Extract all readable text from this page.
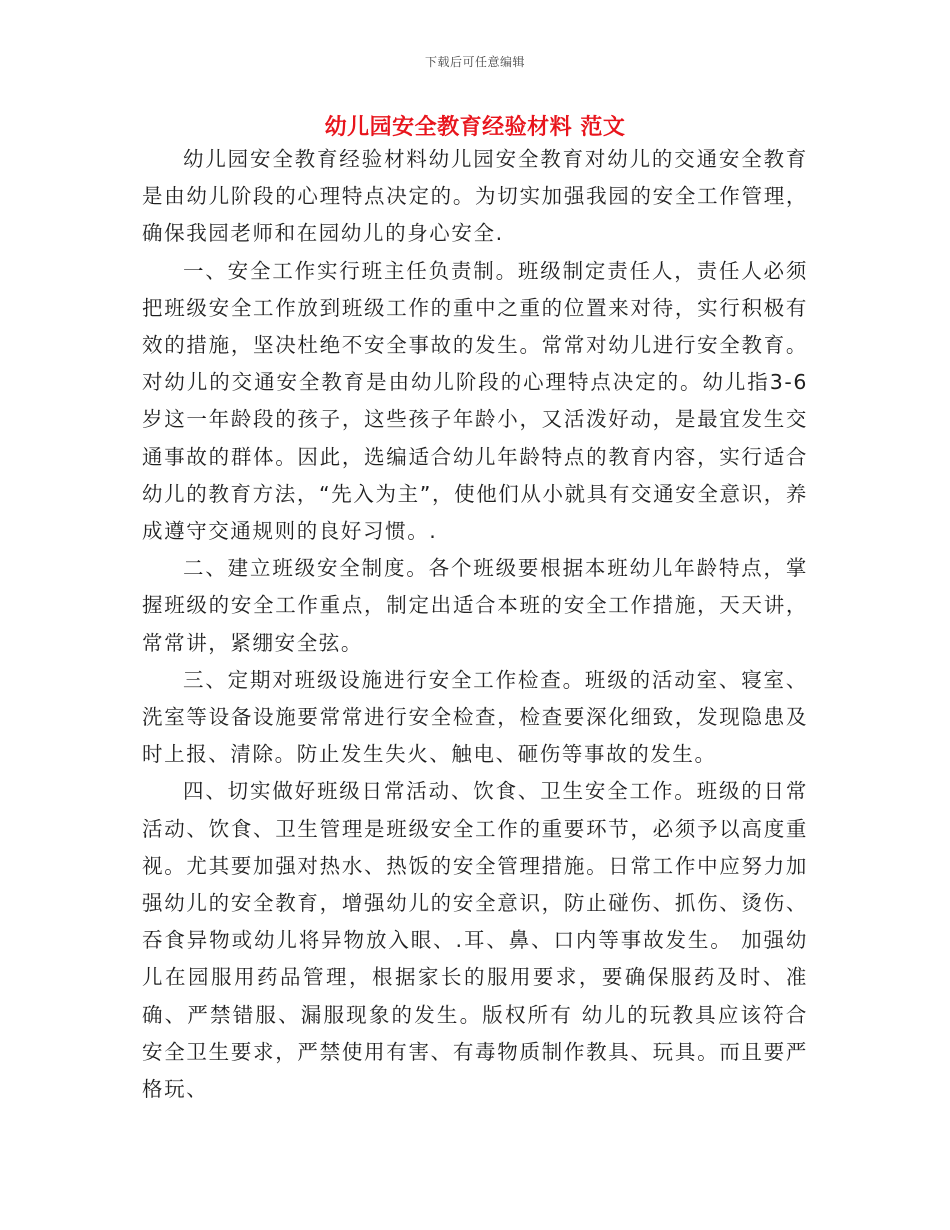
下载后可任意编辑
幼儿园安全教育经验材料 范文

幼儿园安全教育经验材料幼儿园安全教育对幼儿的交通安全教育是由幼儿阶段的心理特点决定的。为切实加强我园的安全工作管理，确保我园老师和在园幼儿的身心安全.

一、安全工作实行班主任负责制。班级制定责任人，责任人必须把班级安全工作放到班级工作的重中之重的位置来对待，实行积极有效的措施，坚决杜绝不安全事故的发生。常常对幼儿进行安全教育。对幼儿的交通安全教育是由幼儿阶段的心理特点决定的。幼儿指3-6岁这一年龄段的孩子，这些孩子年龄小，又活泼好动，是最宜发生交通事故的群体。因此，选编适合幼儿年龄特点的教育内容，实行适合幼儿的教育方法，“先入为主”，使他们从小就具有交通安全意识，养成遵守交通规则的良好习惯。.

二、建立班级安全制度。各个班级要根据本班幼儿年龄特点，掌握班级的安全工作重点，制定出适合本班的安全工作措施，天天讲，常常讲，紧绷安全弦。

三、定期对班级设施进行安全工作检查。班级的活动室、寝室、洗室等设备设施要常常进行安全检查，检查要深化细致，发现隐患及时上报、清除。防止发生失火、触电、砸伤等事故的发生。

四、切实做好班级日常活动、饮食、卫生安全工作。班级的日常活动、饮食、卫生管理是班级安全工作的重要环节，必须予以高度重视。尤其要加强对热水、热饭的安全管理措施。日常工作中应努力加强幼儿的安全教育，增强幼儿的安全意识，防止碰伤、抓伤、烫伤、吞食异物或幼儿将异物放入眼、.耳、鼻、口内等事故发生。 加强幼儿在园服用药品管理，根据家长的服用要求，要确保服药及时、准确、严禁错服、漏服现象的发生。版权所有 幼儿的玩教具应该符合安全卫生要求，严禁使用有害、有毒物质制作教具、玩具。而且要严格玩、
